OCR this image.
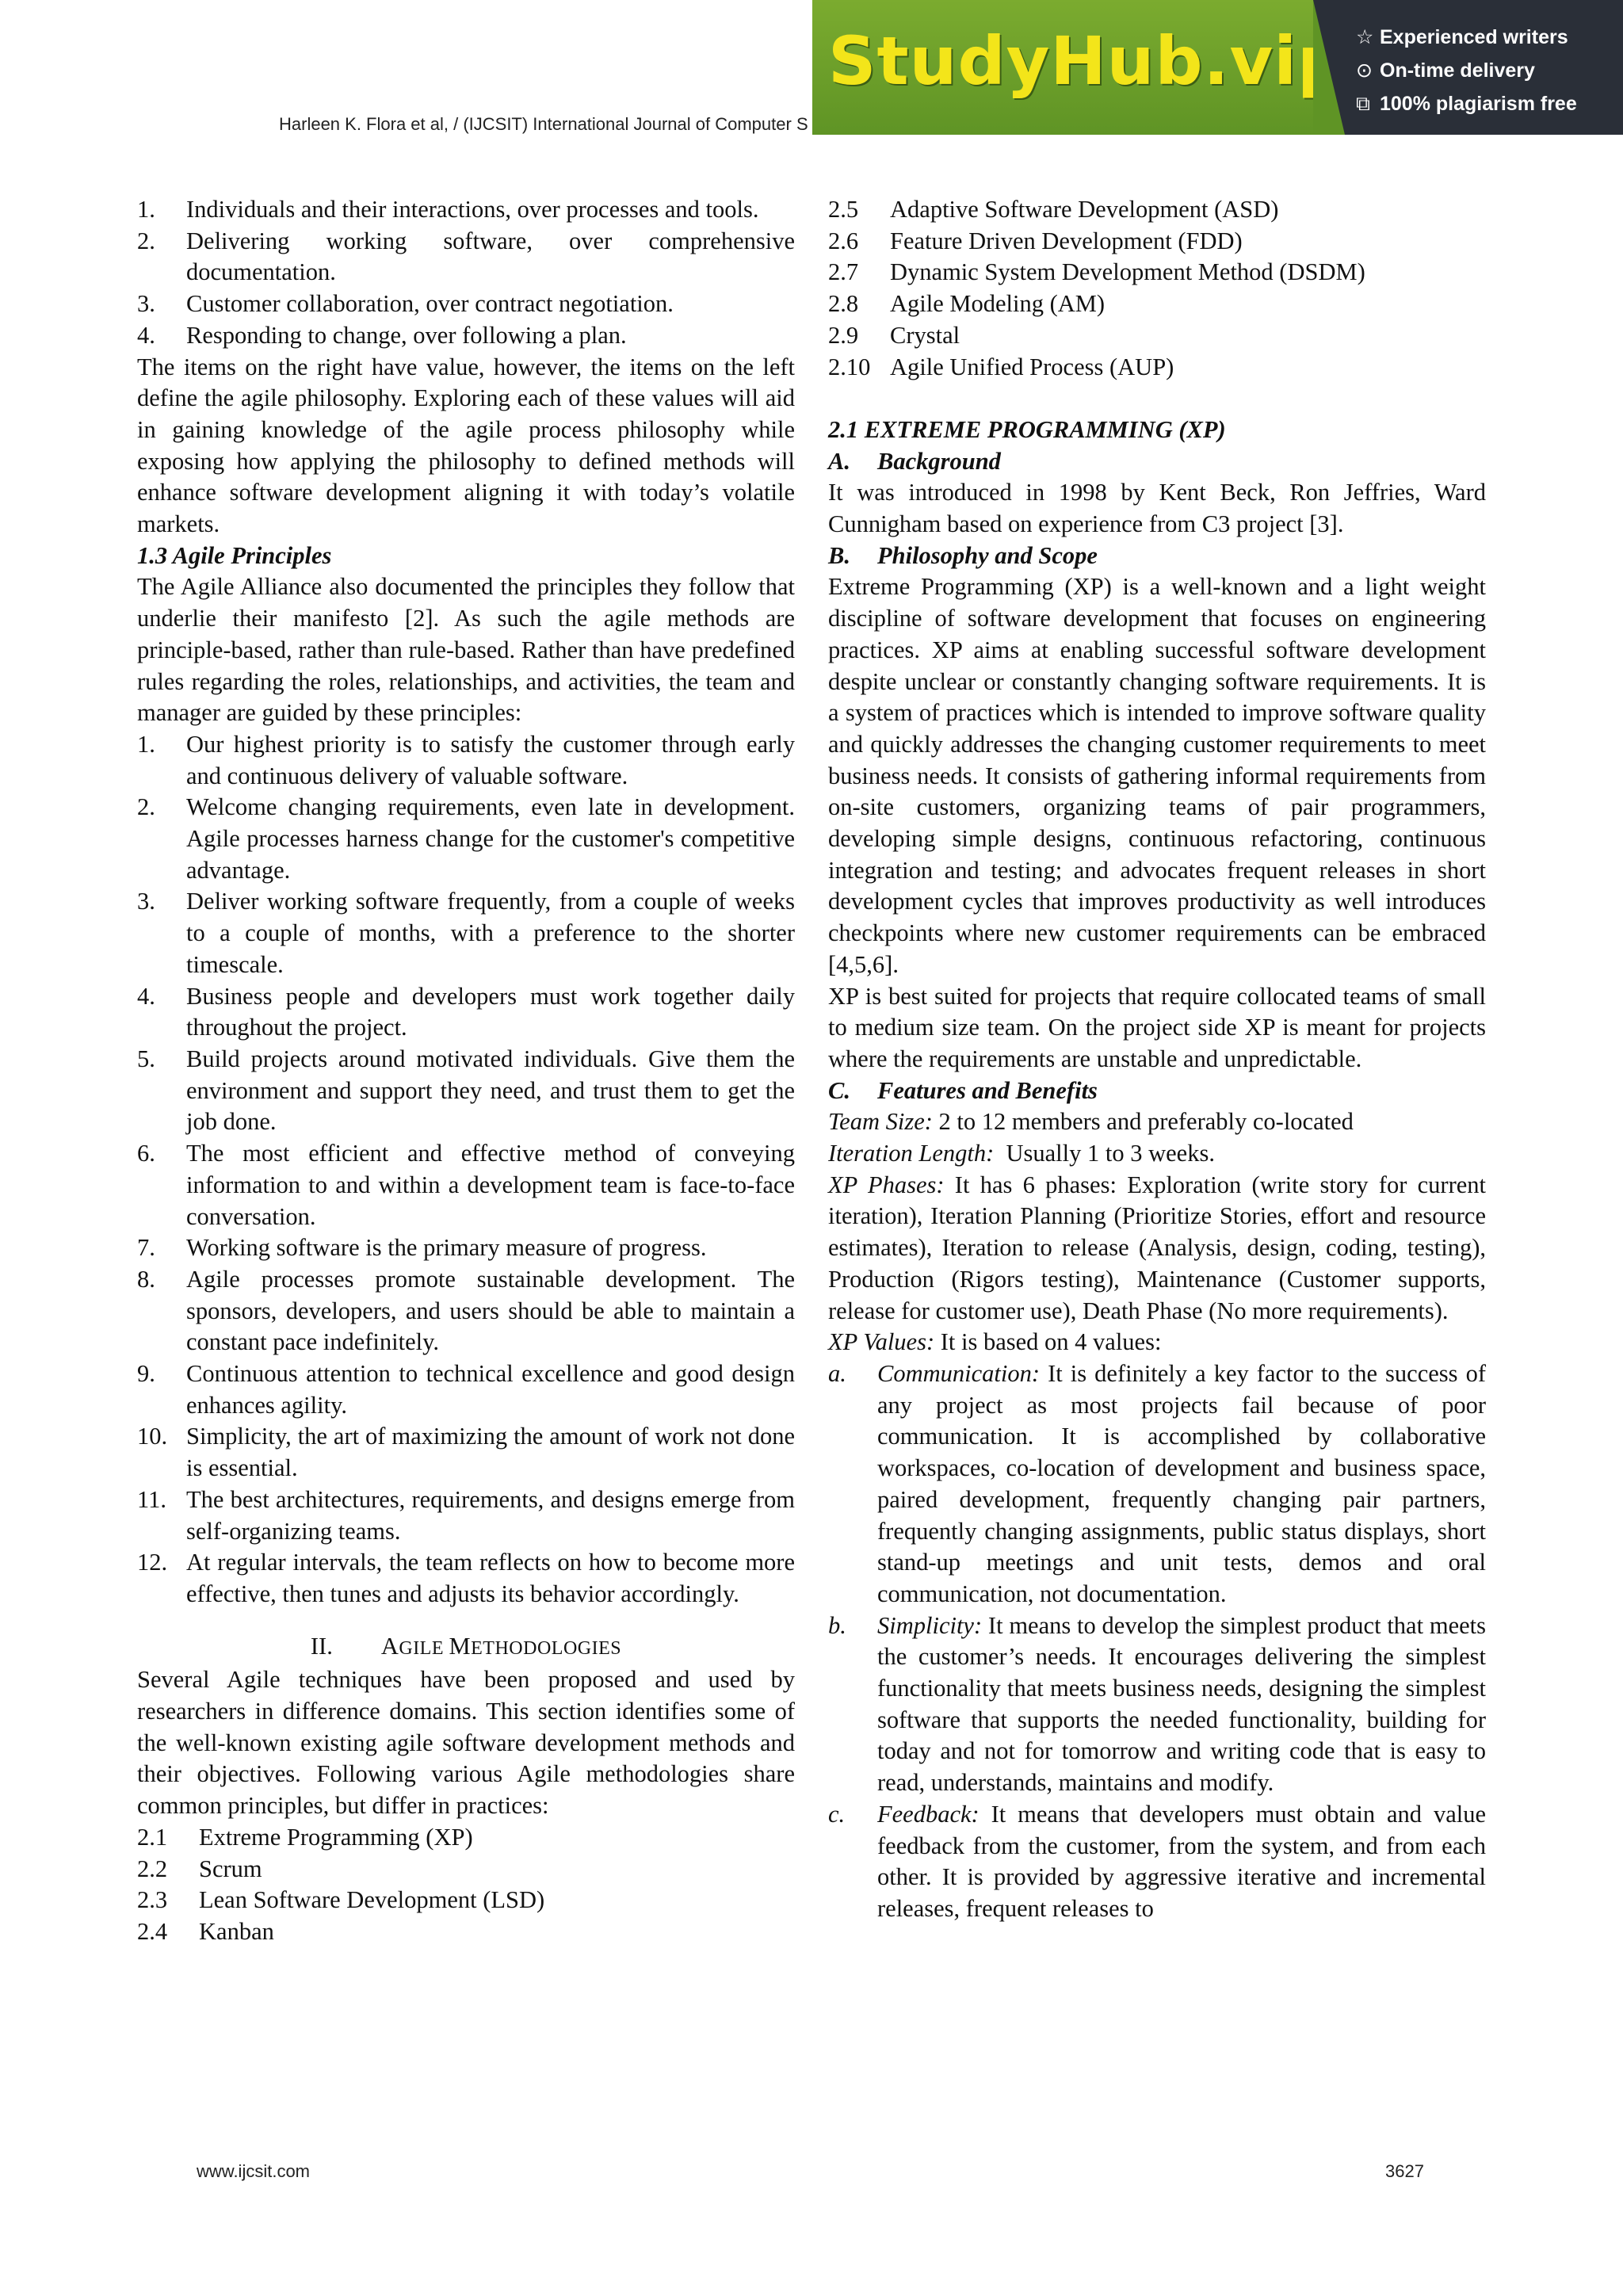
Harleen K. Flora et al, / (IJCSIT) International Journal of Computer S
StudyHub.vip ☆ Experienced writers
⊙ On-time delivery
⧉ 100% plagiarism free

1. Individuals and their interactions, over processes and tools.

2. Delivering working software, over comprehensive documentation.

3. Customer collaboration, over contract negotiation.

4. Responding to change, over following a plan.

The items on the right have value, however, the items on the left define the agile philosophy. Exploring each of these values will aid in gaining knowledge of the agile process philosophy while exposing how applying the philosophy to defined methods will enhance software development aligning it with today’s volatile markets.

1.3 Agile Principles

The Agile Alliance also documented the principles they follow that underlie their manifesto [2]. As such the agile methods are principle-based, rather than rule-based. Rather than have predefined rules regarding the roles, relationships, and activities, the team and manager are guided by these principles:

1. Our highest priority is to satisfy the customer through early and continuous delivery of valuable software.

2. Welcome changing requirements, even late in development. Agile processes harness change for the customer's competitive advantage.

3. Deliver working software frequently, from a couple of weeks to a couple of months, with a preference to the shorter timescale.

4. Business people and developers must work together daily throughout the project.

5. Build projects around motivated individuals. Give them the environment and support they need, and trust them to get the job done.

6. The most efficient and effective method of conveying information to and within a development team is face-to-face conversation.

7. Working software is the primary measure of progress.

8. Agile processes promote sustainable development. The sponsors, developers, and users should be able to maintain a constant pace indefinitely.

9. Continuous attention to technical excellence and good design enhances agility.

10. Simplicity, the art of maximizing the amount of work not done is essential.

11. The best architectures, requirements, and designs emerge from self-organizing teams.

12. At regular intervals, the team reflects on how to become more effective, then tunes and adjusts its behavior accordingly.

II. AGILE METHODOLOGIES

Several Agile techniques have been proposed and used by researchers in difference domains. This section identifies some of the well-known existing agile software development methods and their objectives. Following various Agile methodologies share common principles, but differ in practices:

2.1 Extreme Programming (XP)

2.2 Scrum

2.3 Lean Software Development (LSD)

2.4 Kanban

2.5 Adaptive Software Development (ASD)

2.6 Feature Driven Development (FDD)

2.7 Dynamic System Development Method (DSDM)

2.8 Agile Modeling (AM)

2.9 Crystal

2.10 Agile Unified Process (AUP)

2.1 EXTREME PROGRAMMING (XP)

A. Background

It was introduced in 1998 by Kent Beck, Ron Jeffries, Ward Cunnigham based on experience from C3 project [3].

B. Philosophy and Scope

Extreme Programming (XP) is a well-known and a light weight discipline of software development that focuses on engineering practices. XP aims at enabling successful software development despite unclear or constantly changing software requirements. It is a system of practices which is intended to improve software quality and quickly addresses the changing customer requirements to meet business needs. It consists of gathering informal requirements from on-site customers, organizing teams of pair programmers, developing simple designs, continuous refactoring, continuous integration and testing; and advocates frequent releases in short development cycles that improves productivity as well introduces checkpoints where new customer requirements can be embraced [4,5,6].

XP is best suited for projects that require collocated teams of small to medium size team. On the project side XP is meant for projects where the requirements are unstable and unpredictable.

C. Features and Benefits

Team Size: 2 to 12 members and preferably co-located

Iteration Length:  Usually 1 to 3 weeks.

XP Phases: It has 6 phases: Exploration (write story for current iteration), Iteration Planning (Prioritize Stories, effort and resource estimates), Iteration to release (Analysis, design, coding, testing), Production (Rigors testing), Maintenance (Customer supports, release for customer use), Death Phase (No more requirements).

XP Values: It is based on 4 values:

a. Communication: It is definitely a key factor to the success of any project as most projects fail because of poor communication. It is accomplished by collaborative workspaces, co-location of development and business space, paired development, frequently changing pair partners, frequently changing assignments, public status displays, short stand-up meetings and unit tests, demos and oral communication, not documentation.

b. Simplicity: It means to develop the simplest product that meets the customer’s needs. It encourages delivering the simplest functionality that meets business needs, designing the simplest software that supports the needed functionality, building for today and not for tomorrow and writing code that is easy to read, understands, maintains and modify.

c. Feedback: It means that developers must obtain and value feedback from the customer, from the system, and from each other. It is provided by aggressive iterative and incremental releases, frequent releases to

www.ijcsit.com	3627
